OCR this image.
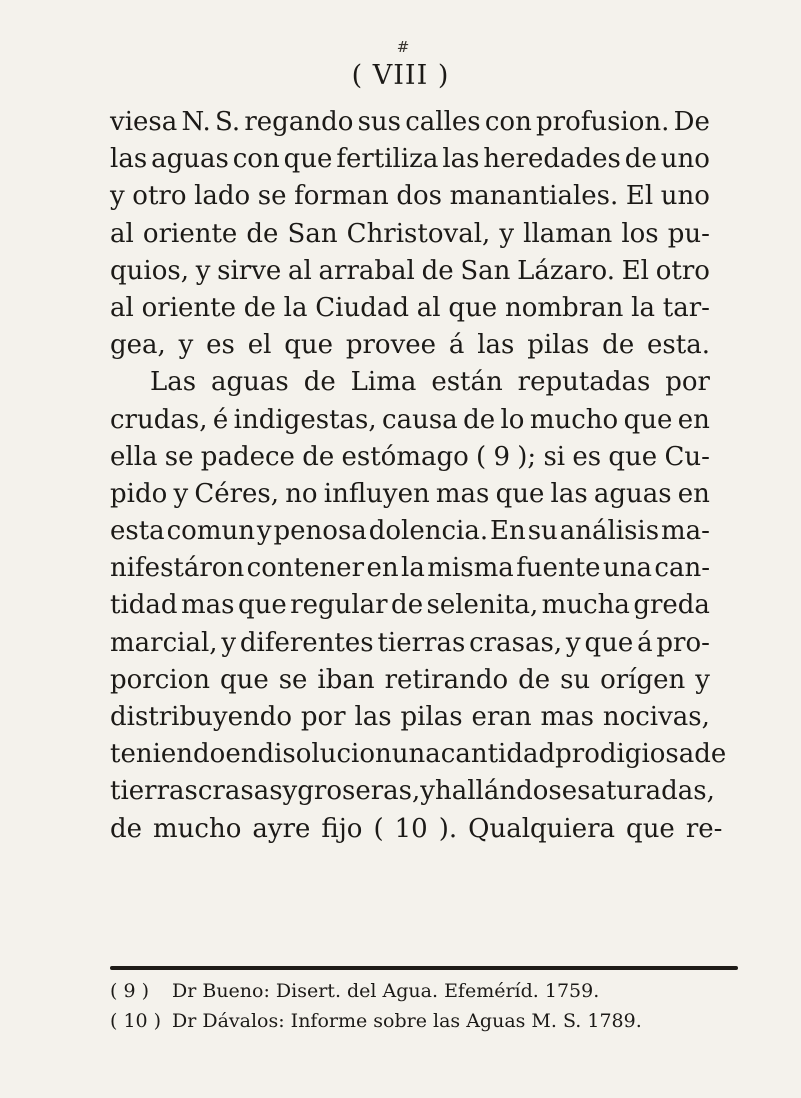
#
( VIII )
viesa N. S. regando sus calles con profusion. De
las aguas con que fertiliza las heredades de uno
y otro lado se forman dos manantiales. El uno
al oriente de San Christoval, y llaman los pu-
quios, y sirve al arrabal de San Lázaro. El otro
al oriente de la Ciudad al que nombran la tar-
gea, y es el que provee á las pilas de esta.
Las aguas de Lima están reputadas por
crudas, é indigestas, causa de lo mucho que en
ella se padece de estómago ( 9 ); si es que Cu-
pido y Céres, no influyen mas que las aguas en
esta comun y penosa dolencia. En su análisis ma-
nifestáron contener en la misma fuente una can-
tidad mas que regular de selenita, mucha greda
marcial, y diferentes tierras crasas, y que á pro-
porcion que se iban retirando de su orígen y
distribuyendo por las pilas eran mas nocivas,
teniendo en disolucion una cantidad prodigiosa de
tierras crasas y groseras, y hallándose saturadas,
de mucho ayre fijo ( 10 ). Qualquiera que re-
( 9 ) Dr Bueno: Disert. del Agua. Efeméríd. 1759.
( 10 ) Dr Dávalos: Informe sobre las Aguas M. S. 1789.
